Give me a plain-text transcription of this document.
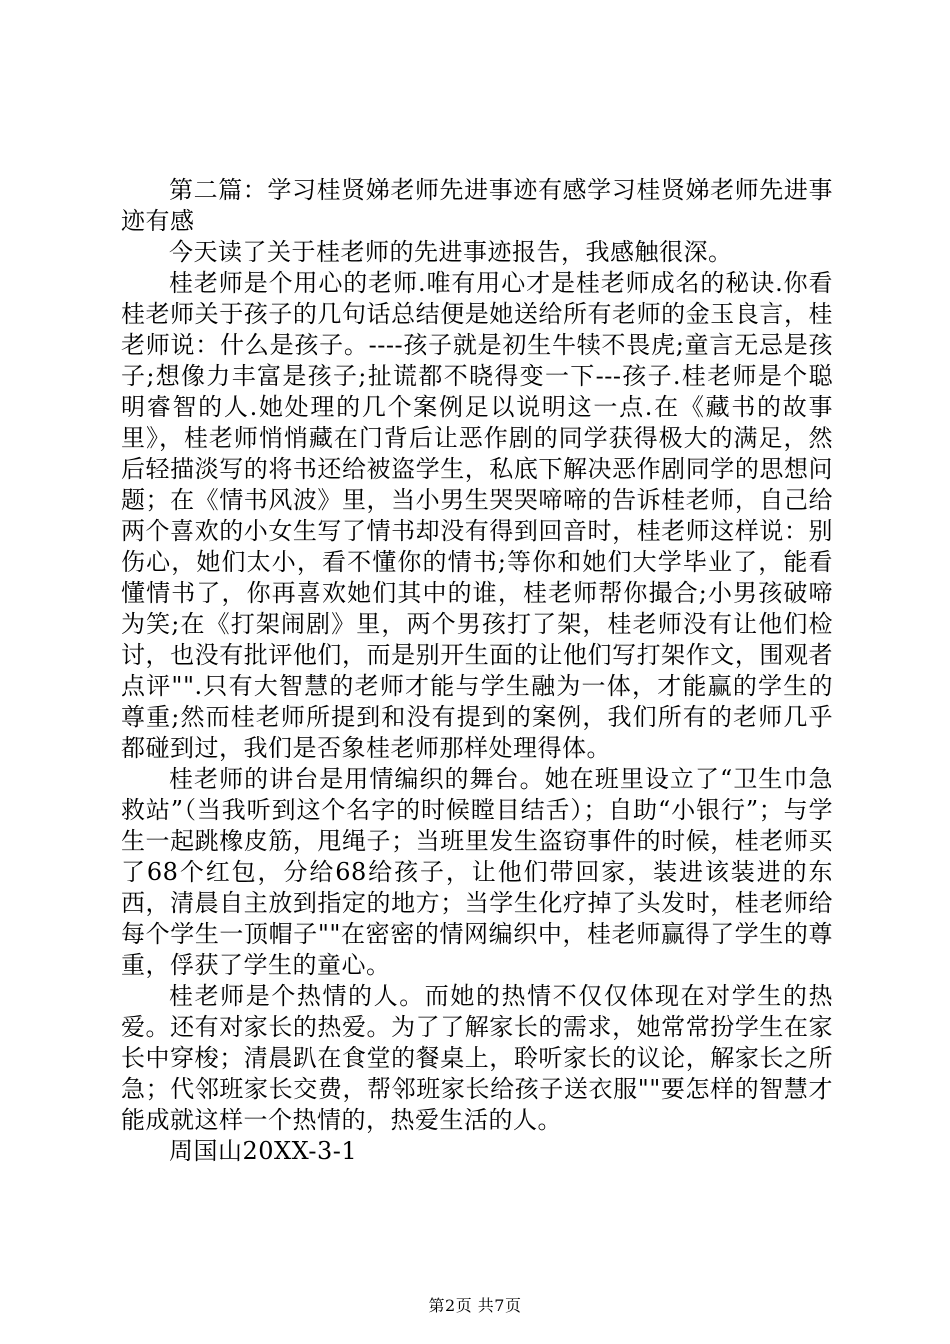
第二篇：学习桂贤娣老师先进事迹有感学习桂贤娣老师先进事迹有感

今天读了关于桂老师的先进事迹报告，我感触很深。

桂老师是个用心的老师.唯有用心才是桂老师成名的秘诀.你看桂老师关于孩子的几句话总结便是她送给所有老师的金玉良言，桂老师说：什么是孩子。----孩子就是初生牛犊不畏虎;童言无忌是孩子;想像力丰富是孩子;扯谎都不晓得变一下---孩子.桂老师是个聪明睿智的人.她处理的几个案例足以说明这一点.在《藏书的故事里》，桂老师悄悄藏在门背后让恶作剧的同学获得极大的满足，然后轻描淡写的将书还给被盗学生，私底下解决恶作剧同学的思想问题；在《情书风波》里，当小男生哭哭啼啼的告诉桂老师，自己给两个喜欢的小女生写了情书却没有得到回音时，桂老师这样说：别伤心，她们太小，看不懂你的情书;等你和她们大学毕业了，能看懂情书了，你再喜欢她们其中的谁，桂老师帮你撮合;小男孩破啼为笑;在《打架闹剧》里，两个男孩打了架，桂老师没有让他们检讨，也没有批评他们，而是别开生面的让他们写打架作文，围观者点评"".只有大智慧的老师才能与学生融为一体，才能赢的学生的尊重;然而桂老师所提到和没有提到的案例，我们所有的老师几乎都碰到过，我们是否象桂老师那样处理得体。

桂老师的讲台是用情编织的舞台。她在班里设立了“卫生巾急救站”（当我听到这个名字的时候瞠目结舌）；自助“小银行”；与学生一起跳橡皮筋，甩绳子；当班里发生盗窃事件的时候，桂老师买了68个红包，分给68给孩子，让他们带回家，装进该装进的东西，清晨自主放到指定的地方；当学生化疗掉了头发时，桂老师给每个学生一顶帽子""在密密的情网编织中，桂老师赢得了学生的尊重，俘获了学生的童心。

桂老师是个热情的人。而她的热情不仅仅体现在对学生的热爱。还有对家长的热爱。为了了解家长的需求，她常常扮学生在家长中穿梭；清晨趴在食堂的餐桌上，聆听家长的议论，解家长之所急；代邻班家长交费，帮邻班家长给孩子送衣服""要怎样的智慧才能成就这样一个热情的，热爱生活的人。

周国山20XX-3-1

第2页 共7页
